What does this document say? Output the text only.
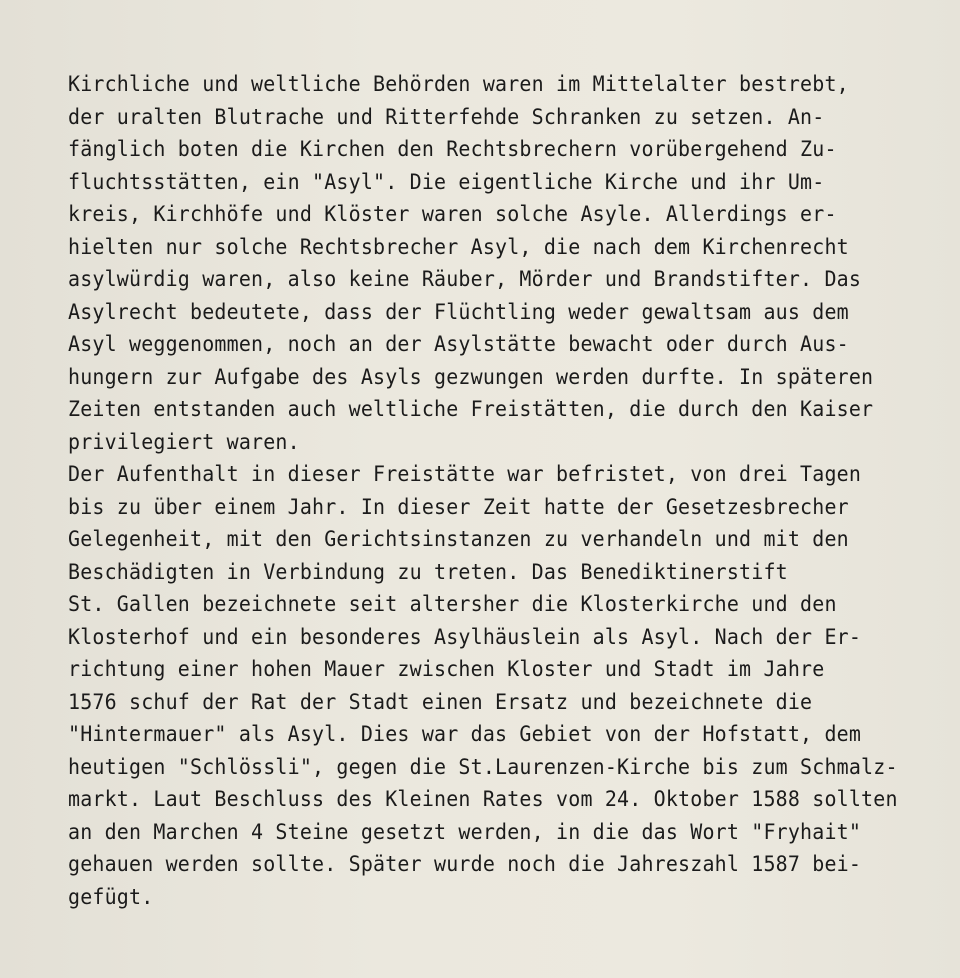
Kirchliche und weltliche Behörden waren im Mittelalter bestrebt,
der uralten Blutrache und Ritterfehde Schranken zu setzen. An-
fänglich boten die Kirchen den Rechtsbrechern vorübergehend Zu-
fluchtsstätten, ein "Asyl". Die eigentliche Kirche und ihr Um-
kreis, Kirchhöfe und Klöster waren solche Asyle. Allerdings er-
hielten nur solche Rechtsbrecher Asyl, die nach dem Kirchenrecht
asylwürdig waren, also keine Räuber, Mörder und Brandstifter. Das
Asylrecht bedeutete, dass der Flüchtling weder gewaltsam aus dem
Asyl weggenommen, noch an der Asylstätte bewacht oder durch Aus-
hungern zur Aufgabe des Asyls gezwungen werden durfte. In späteren
Zeiten entstanden auch weltliche Freistätten, die durch den Kaiser
privilegiert waren.
Der Aufenthalt in dieser Freistätte war befristet, von drei Tagen
bis zu über einem Jahr. In dieser Zeit hatte der Gesetzesbrecher
Gelegenheit, mit den Gerichtsinstanzen zu verhandeln und mit den
Beschädigten in Verbindung zu treten. Das Benediktinerstift
St. Gallen bezeichnete seit altersher die Klosterkirche und den
Klosterhof und ein besonderes Asylhäuslein als Asyl. Nach der Er-
richtung einer hohen Mauer zwischen Kloster und Stadt im Jahre
1576 schuf der Rat der Stadt einen Ersatz und bezeichnete die
"Hintermauer" als Asyl. Dies war das Gebiet von der Hofstatt, dem
heutigen "Schlössli", gegen die St.Laurenzen-Kirche bis zum Schmalz-
markt. Laut Beschluss des Kleinen Rates vom 24. Oktober 1588 sollten
an den Marchen 4 Steine gesetzt werden, in die das Wort "Fryhait"
gehauen werden sollte. Später wurde noch die Jahreszahl 1587 bei-
gefügt.
